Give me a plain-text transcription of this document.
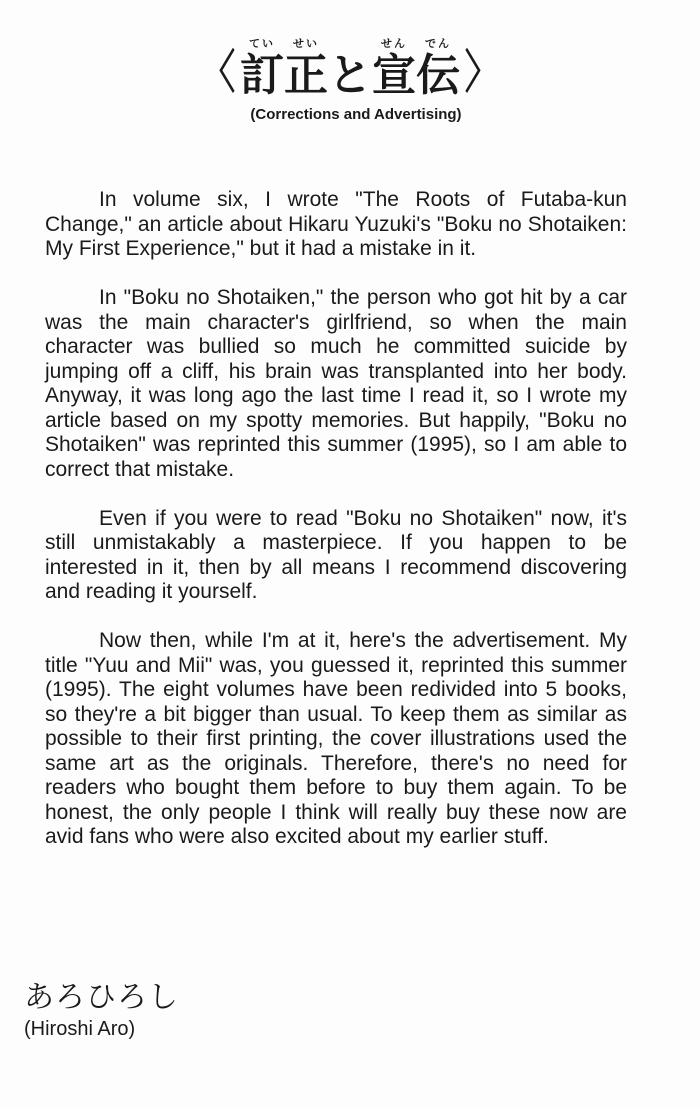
〈
てい
訂
せい
正 と
せん
宣
でん
伝 〉
(Corrections and Advertising)

In volume six, I wrote "The Roots of Futaba-kun Change," an article about Hikaru Yuzuki's "Boku no Shotaiken: My First Experience," but it had a mistake in it.

In "Boku no Shotaiken," the person who got hit by a car was the main character's girlfriend, so when the main character was bullied so much he committed suicide by jumping off a cliff, his brain was transplanted into her body. Anyway, it was long ago the last time I read it, so I wrote my article based on my spotty memories. But happily, "Boku no Shotaiken" was reprinted this summer (1995), so I am able to correct that mistake.

Even if you were to read "Boku no Shotaiken" now, it's still unmistakably a masterpiece. If you happen to be interested in it, then by all means I recommend discovering and reading it yourself.

Now then, while I'm at it, here's the advertisement. My title "Yuu and Mii" was, you guessed it, reprinted this summer (1995). The eight volumes have been redivided into 5 books, so they're a bit bigger than usual. To keep them as similar as possible to their first printing, the cover illustrations used the same art as the originals. Therefore, there's no need for readers who bought them before to buy them again. To be honest, the only people I think will really buy these now are avid fans who were also excited about my earlier stuff.

あろひろし
(Hiroshi Aro)
